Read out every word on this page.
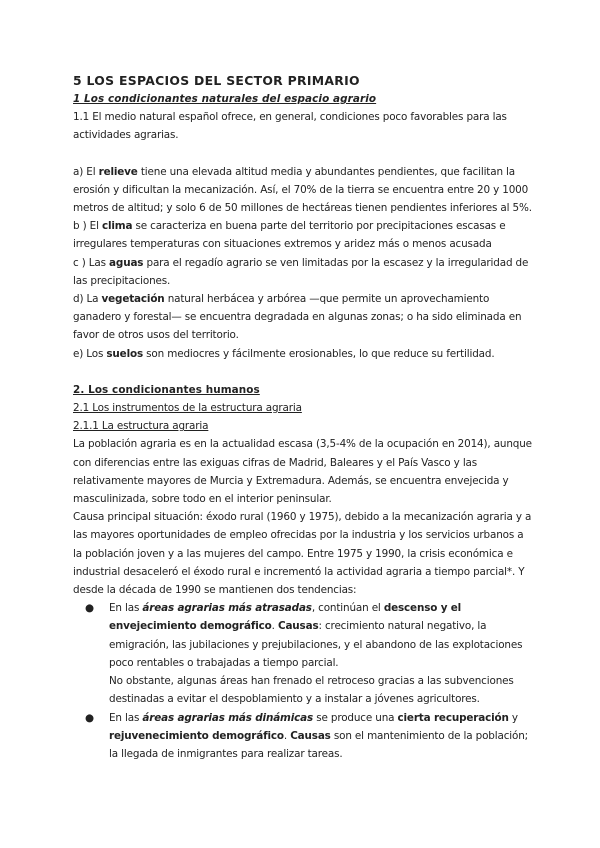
5 LOS ESPACIOS DEL SECTOR PRIMARIO
1 Los condicionantes naturales del espacio agrario

1.1 El medio natural español ofrece, en general, condiciones poco favorables para las actividades agrarias.

a) El relieve tiene una elevada altitud media y abundantes pendientes, que facilitan la erosión y dificultan la mecanización. Así, el 70% de la tierra se encuentra entre 20 y 1000 metros de altitud; y solo 6 de 50 millones de hectáreas tienen pendientes inferiores al 5%.

b ) El clima se caracteriza en buena parte del territorio por precipitaciones escasas e irregulares temperaturas con situaciones extremos y aridez más o menos acusada

c ) Las aguas para el regadío agrario se ven limitadas por la escasez y la irregularidad de las precipitaciones.

d) La vegetación natural herbácea y arbórea —que permite un aprovechamiento ganadero y forestal— se encuentra degradada en algunas zonas; o ha sido eliminada en favor de otros usos del territorio.

e) Los suelos son mediocres y fácilmente erosionables, lo que reduce su fertilidad.

2. Los condicionantes humanos
2.1 Los instrumentos de la estructura agraria
2.1.1 La estructura agraria

La población agraria es en la actualidad escasa (3,5-4% de la ocupación en 2014), aunque con diferencias entre las exiguas cifras de Madrid, Baleares y el País Vasco y las relativamente mayores de Murcia y Extremadura. Además, se encuentra envejecida y masculinizada, sobre todo en el interior peninsular.

Causa principal situación: éxodo rural (1960 y 1975), debido a la mecanización agraria y a las mayores oportunidades de empleo ofrecidas por la industria y los servicios urbanos a la población joven y a las mujeres del campo. Entre 1975 y 1990, la crisis económica e industrial desaceleró el éxodo rural e incrementó la actividad agraria a tiempo parcial*. Y desde la década de 1990 se mantienen dos tendencias:

● En las áreas agrarias más atrasadas, continúan el descenso y el envejecimiento demográfico. Causas: crecimiento natural negativo, la emigración, las jubilaciones y prejubilaciones, y el abandono de las explotaciones poco rentables o trabajadas a tiempo parcial.
No obstante, algunas áreas han frenado el retroceso gracias a las subvenciones destinadas a evitar el despoblamiento y a instalar a jóvenes agricultores.
● En las áreas agrarias más dinámicas se produce una cierta recuperación y rejuvenecimiento demográfico. Causas son el mantenimiento de la población; la llegada de inmigrantes para realizar tareas.
